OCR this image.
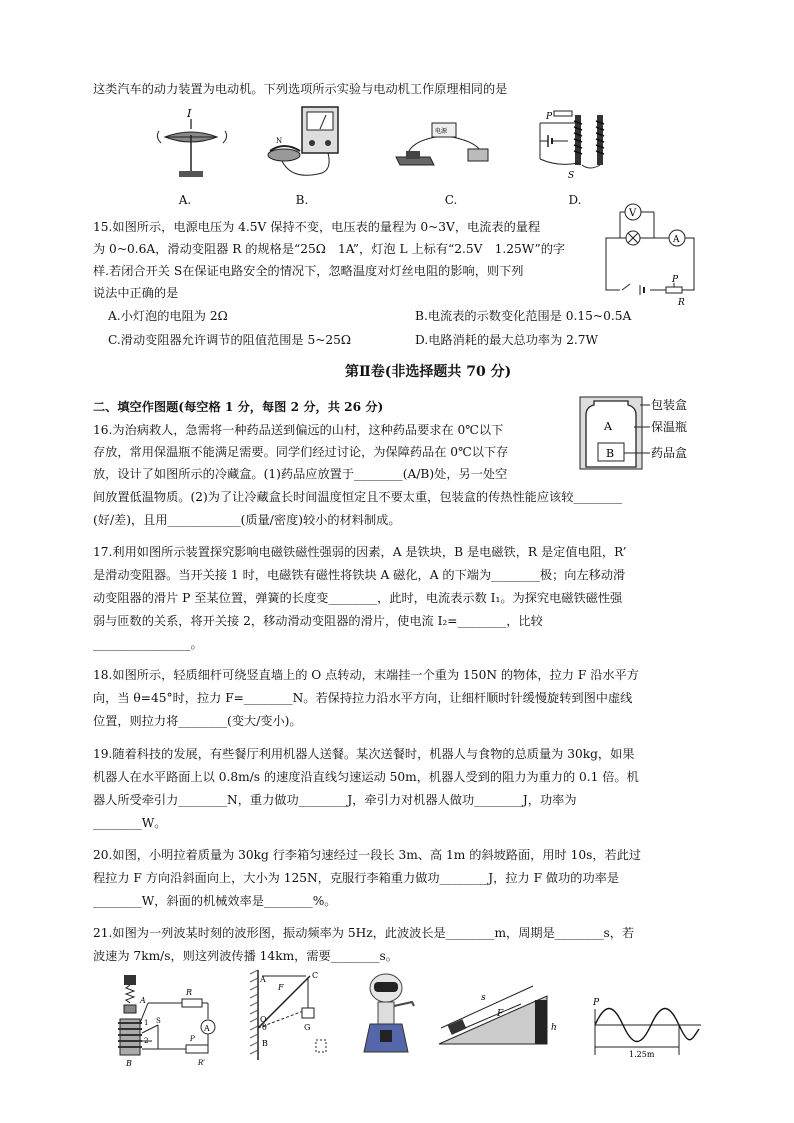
这类汽车的动力装置为电动机。下列选项所示实验与电动机工作原理相同的是
I
N
电源
P
S
A.	B.	C.	D.
15.如图所示，电源电压为 4.5V 保持不变，电压表的量程为 0~3V，电流表的量程
为 0~0.6A，滑动变阻器 R 的规格是“25Ω　1A”，灯泡 L 上标有“2.5V　1.25W”的字
样.若闭合开关 S在保证电路安全的情况下，忽略温度对灯丝电阻的影响，则下列
说法中正确的是
A.小灯泡的电阻为 2Ω	B.电流表的示数变化范围是 0.15~0.5A
C.滑动变阻器允许调节的阻值范围是 5~25Ω	D.电路消耗的最大总功率为 2.7W
V
A
P
R
第Ⅱ卷(非选择题共 70 分)
二、填空作图题(每空格 1 分，每图 2 分，共 26 分)
16.为治病救人，急需将一种药品送到偏远的山村，这种药品要求在 0℃以下
存放，常用保温瓶不能满足需要。同学们经过讨论，为保障药品在 0℃以下存
放，设计了如图所示的冷藏盒。(1)药品应放置于________(A/B)处，另一处空
间放置低温物质。(2)为了让冷藏盒长时间温度恒定且不要太重，包装盒的传热性能应该较________
(好/差)，且用____________(质量/密度)较小的材料制成。
A
B
包装盒
保温瓶
药品盒
17.利用如图所示装置探究影响电磁铁磁性强弱的因素，A 是铁块，B 是电磁铁，R 是定值电阻，R’
是滑动变阻器。当开关接 1 时，电磁铁有磁性将铁块 A 磁化，A 的下端为________极；向左移动滑
动变阻器的滑片 P 至某位置，弹簧的长度变________，此时，电流表示数 I₁。为探究电磁铁磁性强
弱与匝数的关系，将开关接 2，移动滑动变阻器的滑片，使电流 I₂=________，比较
________________。
18.如图所示，轻质细杆可绕竖直墙上的 O 点转动，末端挂一个重为 150N 的物体，拉力 F 沿水平方
向，当 θ=45°时，拉力 F=________N。若保持拉力沿水平方向，让细杆顺时针缓慢旋转到图中虚线
位置，则拉力将________(变大/变小)。
19.随着科技的发展，有些餐厅利用机器人送餐。某次送餐时，机器人与食物的总质量为 30kg，如果
机器人在水平路面上以 0.8m/s 的速度沿直线匀速运动 50m，机器人受到的阻力为重力的 0.1 倍。机
器人所受牵引力________N，重力做功________J，牵引力对机器人做功________J，功率为
________W。
20.如图，小明拉着质量为 30kg 行李箱匀速经过一段长 3m、高 1m 的斜坡路面，用时 10s，若此过
程拉力 F 方向沿斜面向上，大小为 125N，克服行李箱重力做功________J，拉力 F 做功的功率是
________W，斜面的机械效率是________%。
21.如图为一列波某时刻的波形图，振动频率为 5Hz，此波波长是________m，周期是________s，若
波速为 7km/s，则这列波传播 14km，需要________s。
A
B
R
A
S
1
2	P
R’
A	C
F
G
θ
O
B
h
s
F
P
1.25m
